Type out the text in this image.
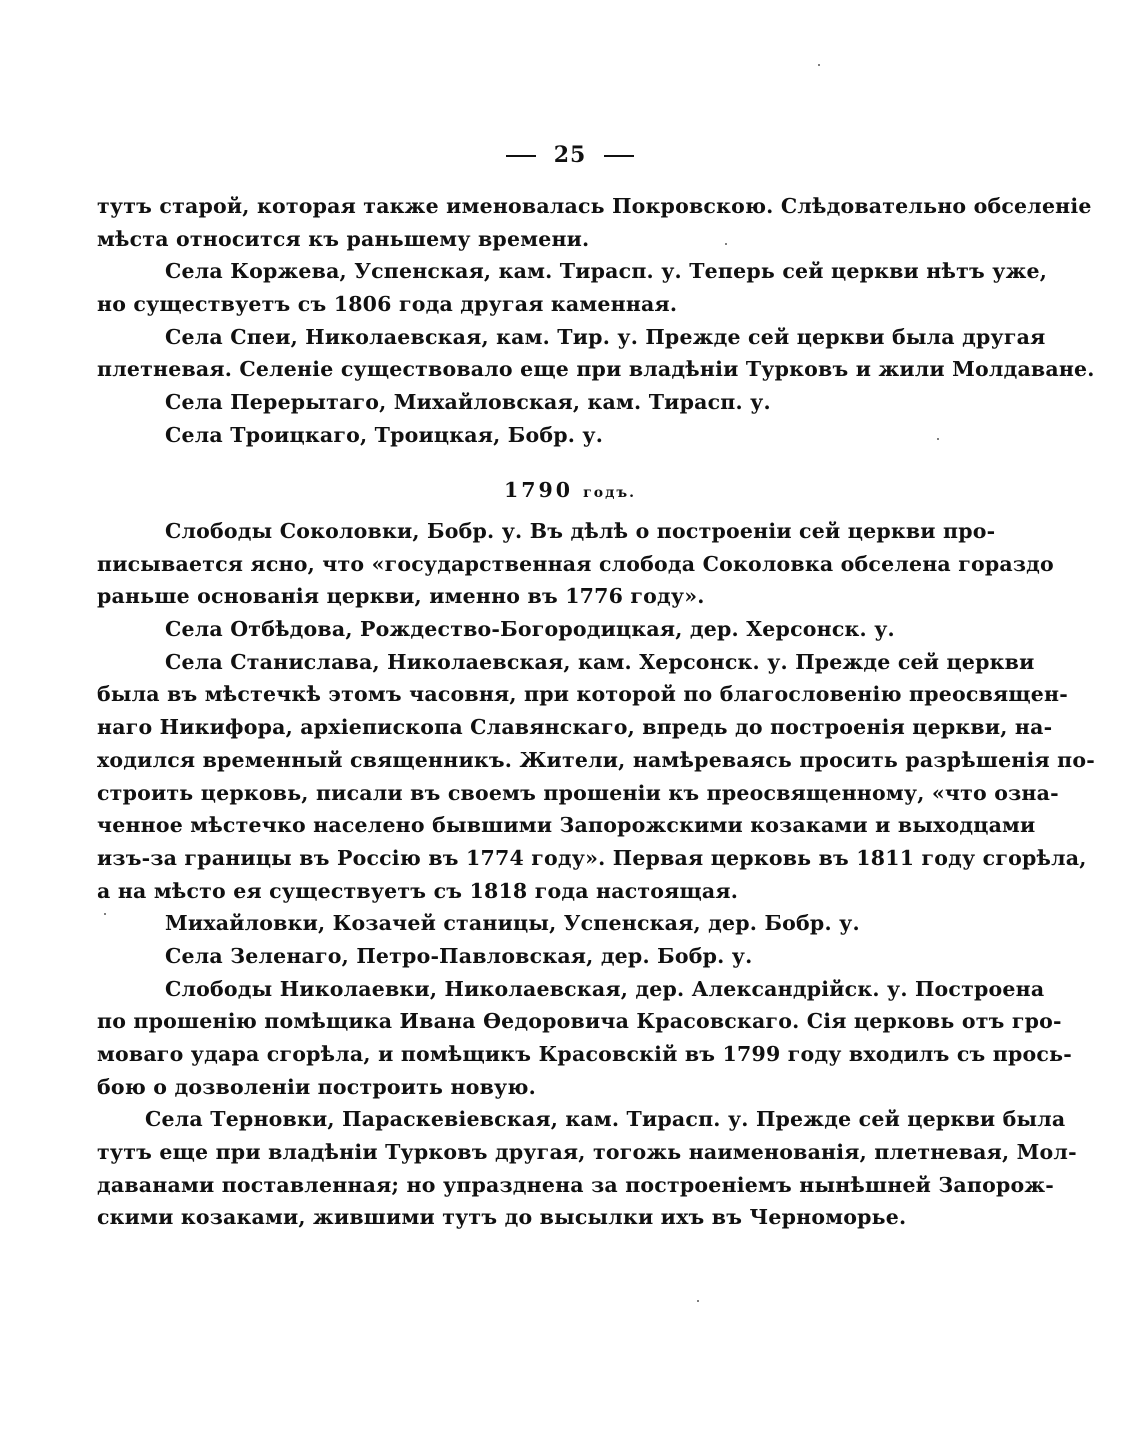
25
тутъ старой, которая также именовалась Покровскою. Слѣдовательно обселеніе
мѣста относится къ раньшему времени.
Села Коржева, Успенская, кам. Тирасп. у. Теперь сей церкви нѣтъ уже,
но существуетъ съ 1806 года другая каменная.
Села Спеи, Николаевская, кам. Тир. у. Прежде сей церкви была другая
плетневая. Селеніе существовало еще при владѣніи Турковъ и жили Молдаване.
Села Перерытаго, Михайловская, кам. Тирасп. у.
Села Троицкаго, Троицкая, Бобр. у.
1790 годъ.
Слободы Соколовки, Бобр. у. Въ дѣлѣ о построеніи сей церкви про-
писывается ясно, что «государственная слобода Соколовка обселена гораздо
раньше основанія церкви, именно въ 1776 году».
Села Отбѣдова, Рождество-Богородицкая, дер. Херсонск. у.
Села Станислава, Николаевская, кам. Херсонск. у. Прежде сей церкви
была въ мѣстечкѣ этомъ часовня, при которой по благословенію преосвящен-
наго Никифора, архіепископа Славянскаго, впредь до построенія церкви, на-
ходился временный священникъ. Жители, намѣреваясь просить разрѣшенія по-
строить церковь, писали въ своемъ прошеніи къ преосвященному, «что озна-
ченное мѣстечко населено бывшими Запорожскими козаками и выходцами
изъ-за границы въ Россію въ 1774 году». Первая церковь въ 1811 году сгорѣла,
а на мѣсто ея существуетъ съ 1818 года настоящая.
Михайловки, Козачей станицы, Успенская, дер. Бобр. у.
Села Зеленаго, Петро-Павловская, дер. Бобр. у.
Слободы Николаевки, Николаевская, дер. Александрійск. у. Построена
по прошенію помѣщика Ивана Ѳедоровича Красовскаго. Сія церковь отъ гро-
моваго удара сгорѣла, и помѣщикъ Красовскій въ 1799 году входилъ съ прось-
бою о дозволеніи построить новую.
Села Терновки, Параскевіевская, кам. Тирасп. у. Прежде сей церкви была
тутъ еще при владѣніи Турковъ другая, тогожь наименованія, плетневая, Мол-
даванами поставленная; но упразднена за построеніемъ нынѣшней Запорож-
скими козаками, жившими тутъ до высылки ихъ въ Черноморье.
